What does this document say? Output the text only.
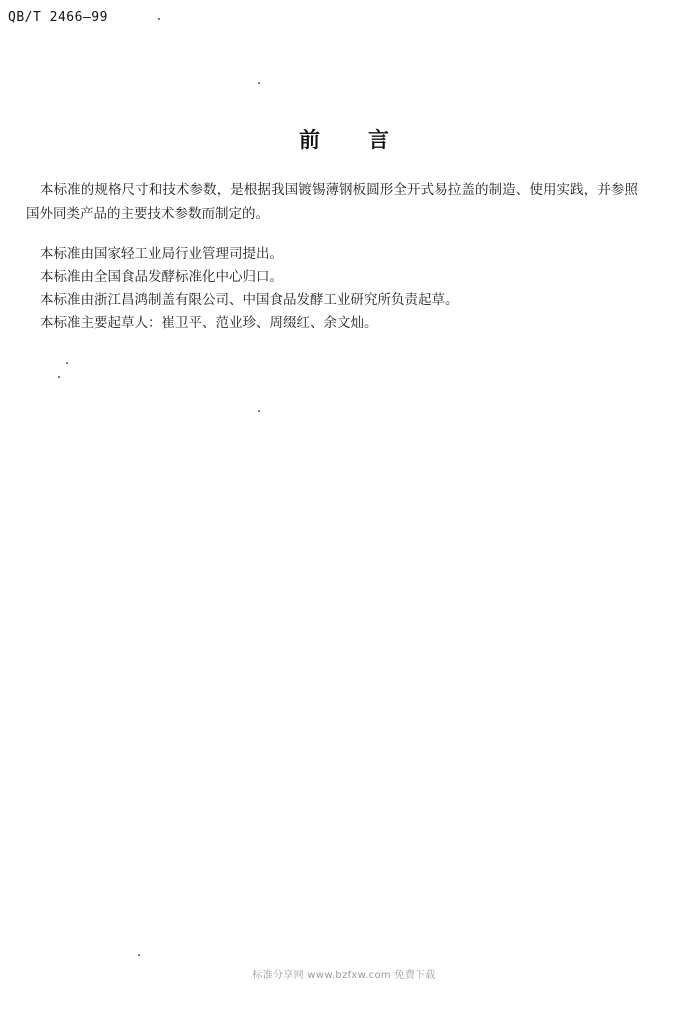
QB/T 2466—99
前言
本标准的规格尺寸和技术参数，是根据我国镀锡薄钢板圆形全开式易拉盖的制造、使用实践，并参照国外同类产品的主要技术参数而制定的。
本标准由国家轻工业局行业管理司提出。
本标准由全国食品发酵标准化中心归口。
本标准由浙江昌鸿制盖有限公司、中国食品发酵工业研究所负责起草。
本标准主要起草人：崔卫平、范业珍、周缀红、余文灿。
标准分享网 www.bzfxw.com 免费下载
